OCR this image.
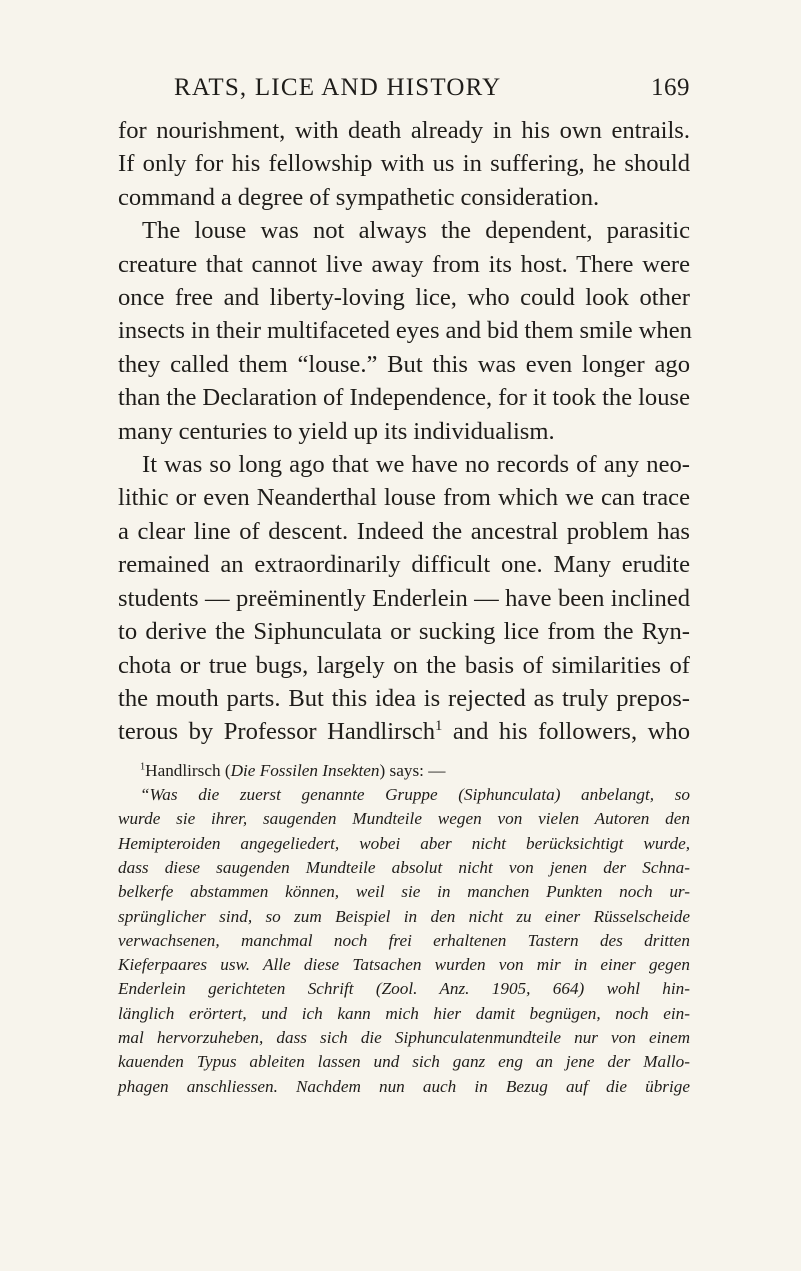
RATS, LICE AND HISTORY	169
for nourishment, with death already in his own entrails.
If only for his fellowship with us in suffering, he should
command a degree of sympathetic consideration.
The louse was not always the dependent, parasitic
creature that cannot live away from its host. There were
once free and liberty-loving lice, who could look other
insects in their multifaceted eyes and bid them smile when
they called them “louse.” But this was even longer ago
than the Declaration of Independence, for it took the louse
many centuries to yield up its individualism.
It was so long ago that we have no records of any neo-
lithic or even Neanderthal louse from which we can trace
a clear line of descent. Indeed the ancestral problem has
remained an extraordinarily difficult one. Many erudite
students — preëminently Enderlein — have been inclined
to derive the Siphunculata or sucking lice from the Ryn-
chota or true bugs, largely on the basis of similarities of
the mouth parts. But this idea is rejected as truly prepos-
terous by Professor Handlirsch$^1$ and his followers, who
$^1$Handlirsch (Die Fossilen Insekten) says: —
“Was die zuerst genannte Gruppe (Siphunculata) anbelangt, so
wurde sie ihrer, saugenden Mundteile wegen von vielen Autoren den
Hemipteroiden angegeliedert, wobei aber nicht berücksichtigt wurde,
dass diese saugenden Mundteile absolut nicht von jenen der Schna-
belkerfe abstammen können, weil sie in manchen Punkten noch ur-
sprünglicher sind, so zum Beispiel in den nicht zu einer Rüsselscheide
verwachsenen, manchmal noch frei erhaltenen Tastern des dritten
Kieferpaares usw. Alle diese Tatsachen wurden von mir in einer gegen
Enderlein gerichteten Schrift (Zool. Anz. 1905, 664) wohl hin-
länglich erörtert, und ich kann mich hier damit begnügen, noch ein-
mal hervorzuheben, dass sich die Siphunculatenmundteile nur von einem
kauenden Typus ableiten lassen und sich ganz eng an jene der Mallo-
phagen anschliessen. Nachdem nun auch in Bezug auf die übrige
